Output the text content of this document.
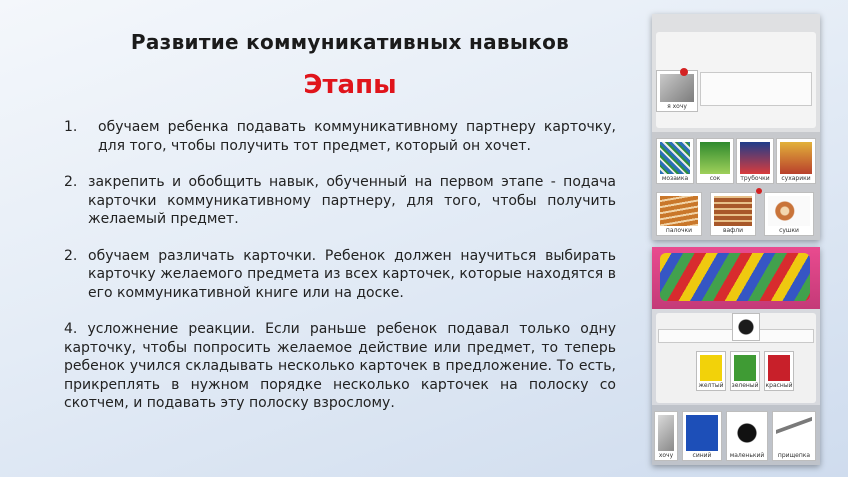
Развитие коммуникативных навыков
Этапы
1.	обучаем ребенка подавать коммуникативному партнеру карточку, для того, чтобы получить тот предмет, который он хочет.
2. закрепить и обобщить навык, обученный на первом этапе - подача карточки коммуникативному партнеру, для того, чтобы получить желаемый предмет.
2. обучаем различать карточки. Ребенок должен научиться выбирать карточку желаемого предмета из всех карточек, которые находятся в его коммуникативной книге или на доске.
4. усложнение реакции. Если раньше ребенок подавал только одну карточку, чтобы попросить желаемое действие или предмет, то теперь ребенок учился складывать несколько карточек в предложение. То есть, прикреплять в нужном порядке несколько карточек на полоску со скотчем, и подавать эту полоску взрослому.
я хочу
мозаика	сок	трубочки	сухарики
палочки	вафли	сушки
желтый зеленый красный
хочу	синий	маленький	прищепка
